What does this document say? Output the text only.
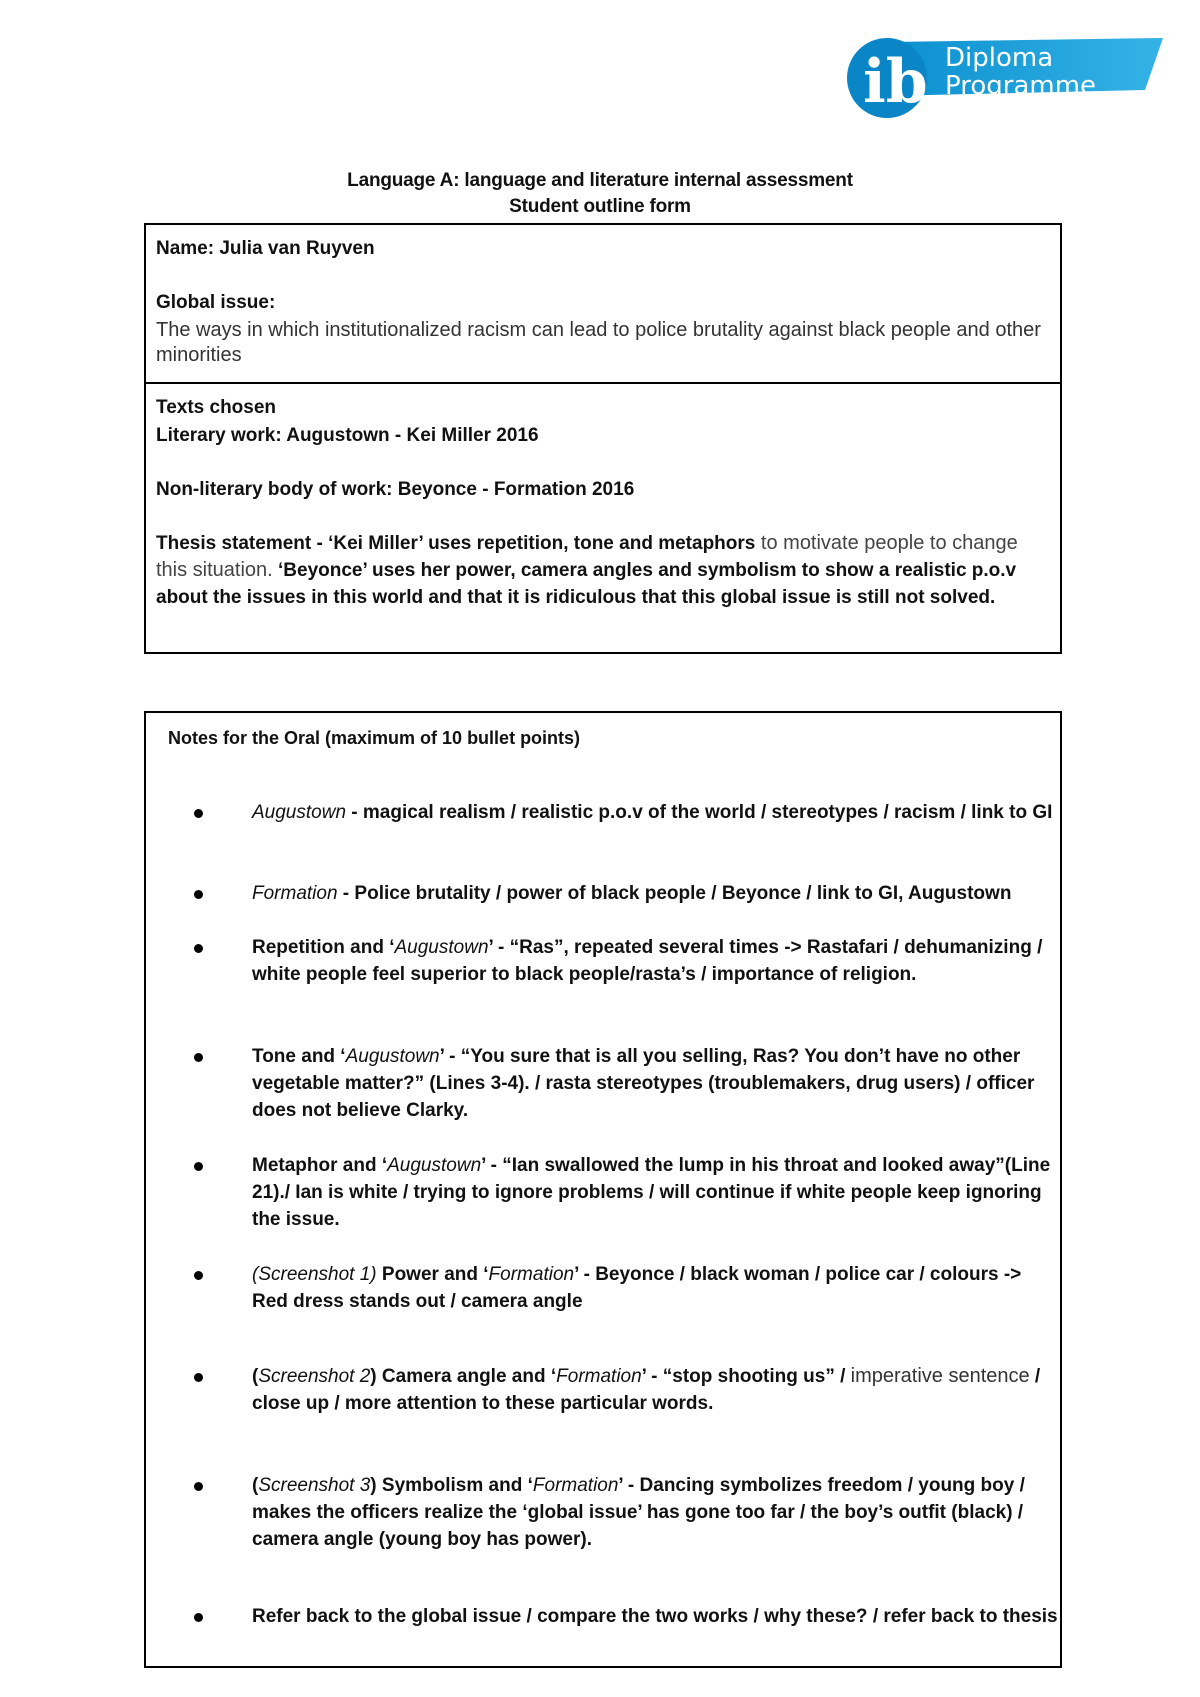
ib Diploma
Programme
Language A: language and literature internal assessment
Student outline form
Name: Julia van Ruyven
Global issue:
The ways in which institutionalized racism can lead to police brutality against black people and other minorities
Texts chosen
Literary work: Augustown - Kei Miller 2016
Non-literary body of work: Beyonce - Formation 2016
Thesis statement - ‘Kei Miller’ uses repetition, tone and metaphors to motivate people to change this situation. ‘Beyonce’ uses her power, camera angles and symbolism to show a realistic p.o.v about the issues in this world and that it is ridiculous that this global issue is still not solved.
Notes for the Oral (maximum of 10 bullet points)
Augustown - magical realism / realistic p.o.v of the world / stereotypes / racism / link to GI
Formation - Police brutality / power of black people / Beyonce / link to GI, Augustown
Repetition and ‘Augustown’ - “Ras”, repeated several times -> Rastafari / dehumanizing / white people feel superior to black people/rasta’s / importance of religion.
Tone and ‘Augustown’ - “You sure that is all you selling, Ras? You don’t have no other vegetable matter?” (Lines 3-4). / rasta stereotypes (troublemakers, drug users) / officer does not believe Clarky.
Metaphor and ‘Augustown’ - “Ian swallowed the lump in his throat and looked away”(Line 21)./ Ian is white / trying to ignore problems / will continue if white people keep ignoring the issue.
(Screenshot 1) Power and ‘Formation’ - Beyonce / black woman / police car / colours -> Red dress stands out / camera angle
(Screenshot 2) Camera angle and ‘Formation’ - “stop shooting us” / imperative sentence / close up / more attention to these particular words.
(Screenshot 3) Symbolism and ‘Formation’ - Dancing symbolizes freedom / young boy / makes the officers realize the ‘global issue’ has gone too far / the boy’s outfit (black) / camera angle (young boy has power).
Refer back to the global issue / compare the two works / why these? / refer back to thesis
